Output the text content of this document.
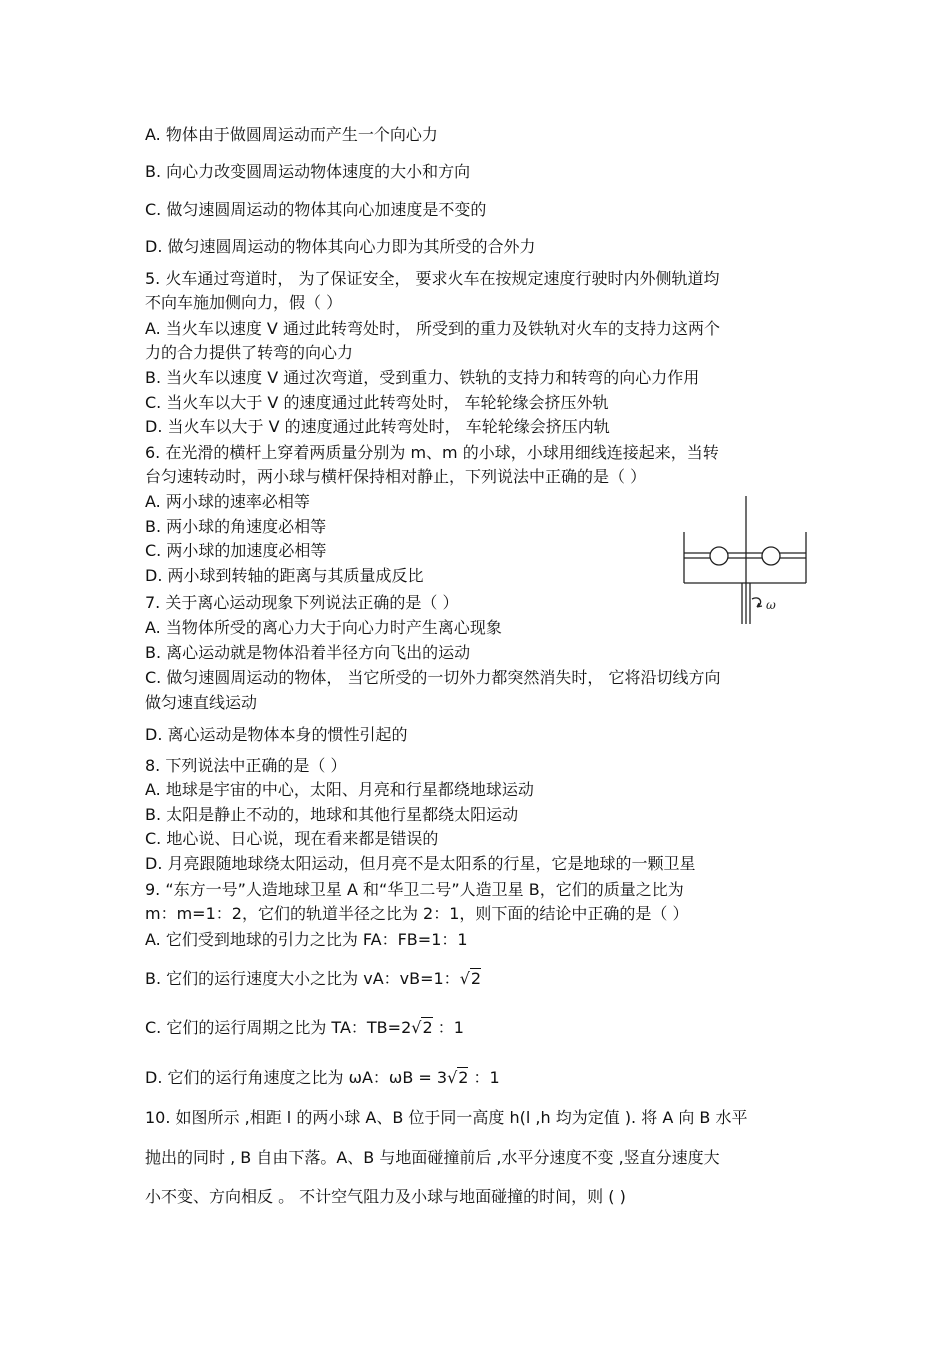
A. 物体由于做圆周运动而产生一个向心力
B. 向心力改变圆周运动物体速度的大小和方向
C. 做匀速圆周运动的物体其向心加速度是不变的
D. 做匀速圆周运动的物体其向心力即为其所受的合外力
5. 火车通过弯道时， 为了保证安全， 要求火车在按规定速度行驶时内外侧轨道均
不向车施加侧向力，假（ ）
A. 当火车以速度 V 通过此转弯处时， 所受到的重力及铁轨对火车的支持力这两个
力的合力提供了转弯的向心力
B. 当火车以速度 V 通过次弯道，受到重力、铁轨的支持力和转弯的向心力作用
C. 当火车以大于 V 的速度通过此转弯处时， 车轮轮缘会挤压外轨
D. 当火车以大于 V 的速度通过此转弯处时， 车轮轮缘会挤压内轨
6. 在光滑的横杆上穿着两质量分别为 m、m 的小球，小球用细线连接起来，当转
台匀速转动时，两小球与横杆保持相对静止，下列说法中正确的是（ ）
A. 两小球的速率必相等
B. 两小球的角速度必相等
C. 两小球的加速度必相等
D. 两小球到转轴的距离与其质量成反比
ω
7. 关于离心运动现象下列说法正确的是（ ）
A. 当物体所受的离心力大于向心力时产生离心现象
B. 离心运动就是物体沿着半径方向飞出的运动
C. 做匀速圆周运动的物体， 当它所受的一切外力都突然消失时， 它将沿切线方向
做匀速直线运动
D. 离心运动是物体本身的惯性引起的
8. 下列说法中正确的是（ ）
A. 地球是宇宙的中心，太阳、月亮和行星都绕地球运动
B. 太阳是静止不动的，地球和其他行星都绕太阳运动
C. 地心说、日心说，现在看来都是错误的
D. 月亮跟随地球绕太阳运动，但月亮不是太阳系的行星，它是地球的一颗卫星
9. “东方一号”人造地球卫星 A 和“华卫二号”人造卫星 B，它们的质量之比为
m：m=1：2，它们的轨道半径之比为 2：1，则下面的结论中正确的是（ ）
A. 它们受到地球的引力之比为 FA：FB=1：1
B. 它们的运行速度大小之比为 vA：vB=1：√2
C. 它们的运行周期之比为 TA：TB=2√2 ：1
D. 它们的运行角速度之比为 ωA：ωB = 3√2 ：1
10. 如图所示 ,相距 l 的两小球 A、B 位于同一高度 h(l ,h 均为定值 ). 将 A 向 B 水平
抛出的同时 , B 自由下落。A、B 与地面碰撞前后 ,水平分速度不变 ,竖直分速度大
小不变、方向相反 。 不计空气阻力及小球与地面碰撞的时间，则 ( )
